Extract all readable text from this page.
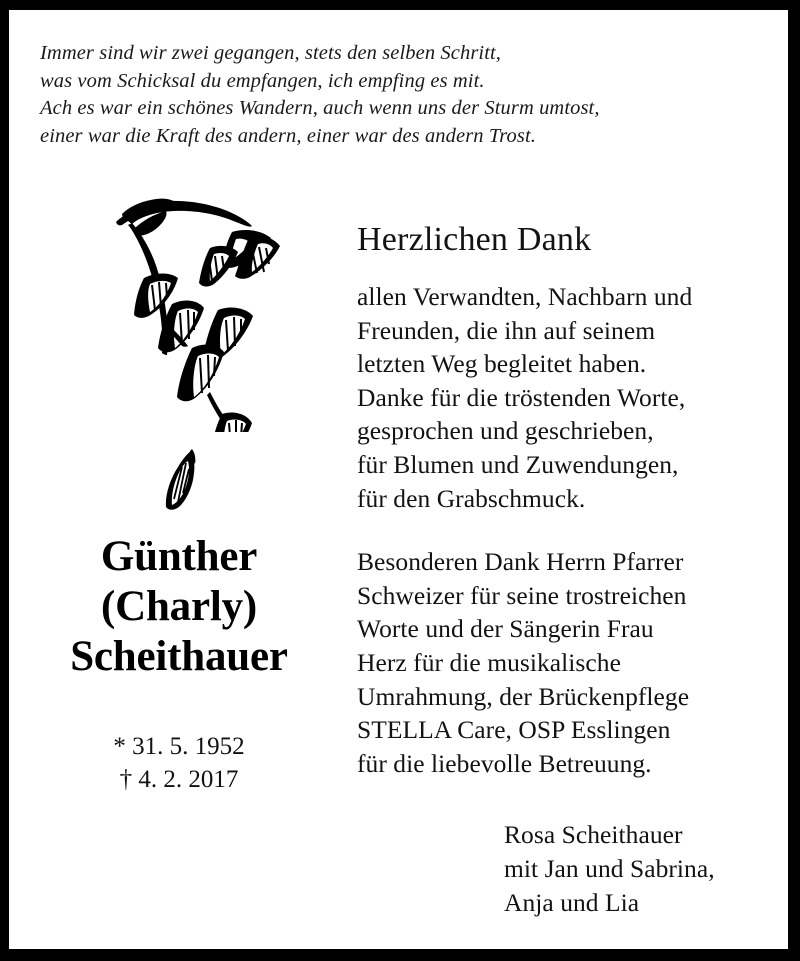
Immer sind wir zwei gegangen, stets den selben Schritt,
was vom Schicksal du empfangen, ich empfing es mit.
Ach es war ein schönes Wandern, auch wenn uns der Sturm umtost,
einer war die Kraft des andern, einer war des andern Trost.
Günther
(Charly)
Scheithauer
* 31. 5. 1952
† 4. 2. 2017
Herzlichen Dank
allen Verwandten, Nachbarn und
Freunden, die ihn auf seinem
letzten Weg begleitet haben.
Danke für die tröstenden Worte,
gesprochen und geschrieben,
für Blumen und Zuwendungen,
für den Grabschmuck.
Besonderen Dank Herrn Pfarrer
Schweizer für seine trostreichen
Worte und der Sängerin Frau
Herz für die musikalische
Umrahmung, der Brückenpflege
STELLA Care, OSP Esslingen
für die liebevolle Betreuung.
Rosa Scheithauer
mit Jan und Sabrina,
Anja und Lia
